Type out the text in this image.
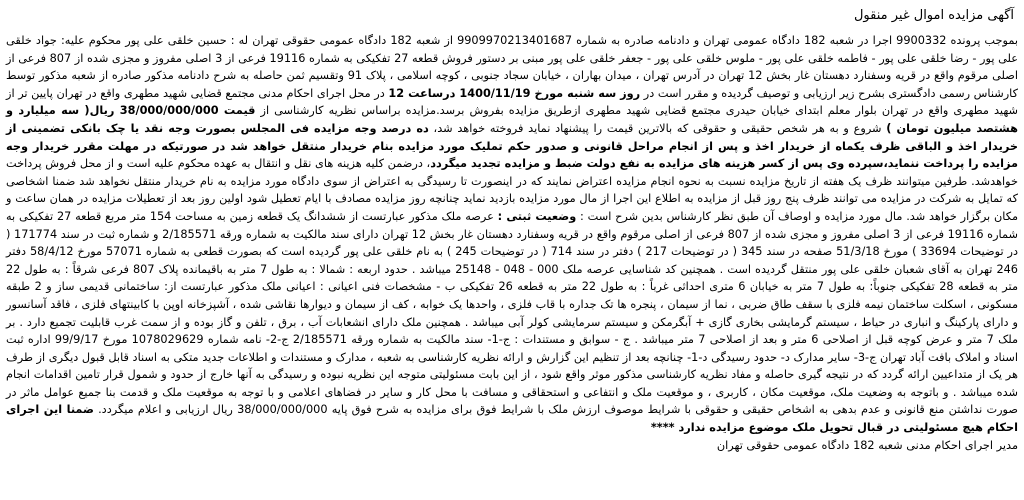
آگهی مزایده اموال غیر منقول

بموجب پرونده 9900332 اجرا در شعبه 182 دادگاه عمومی تهران و دادنامه صادره به شماره 9909970213401687 از شعبه 182 دادگاه عمومی حقوقی تهران له : حسین خلقی علی پور محکوم علیه: جواد خلقی علی پور - رضا خلقی علی پور - فاطمه خلقی علی پور - ملوس خلقی علی پور - جعفر خلقی علی پور مبنی بر دستور فروش قطعه 27 تفکیکی به شماره 19116 فرعی از 3 اصلی مفروز و مجزی شده از 807 فرعی از اصلی مرقوم واقع در قریه وسفنارد دهستان غار بخش 12 تهران در آدرس تهران ، میدان بهاران ، خیابان سجاد جنوبی ، کوچه اسلامی ، پلاک 91 وتقسیم ثمن حاصله به شرح دادنامه مذکور صادره از شعبه مذکور توسط کارشناس رسمی دادگستری بشرح زیر ارزیابی و توصیف گردیده و مقرر است در روز سه شنبه مورخ 1400/11/19 درساعت 12 در محل اجرای احکام مدنی مجتمع قضایی شهید مطهری واقع در تهران پایین تر از شهید مطهری واقع در تهران بلوار معلم ابتدای خیابان حیدری مجتمع قضایی شهید مطهری ازطریق مزایده بفروش برسد.مزایده براساس نظریه کارشناسی از قیمت 38/000/000/000 ریال( سه میلیارد و هشتصد میلیون تومان ) شروع و به هر شخص حقیقی و حقوقی که بالاترین قیمت را پیشنهاد نماید فروخته خواهد شد، ده درصد وجه مزایده فی المجلس بصورت وجه نقد یا چک بانکی تضمینی از خریدار اخذ و الباقی ظرف یکماه از خریدار اخذ و پس از انجام مراحل قانونی و صدور حکم تملیک مورد مزایده بنام خریدار منتقل خواهد شد در صورتیکه در مهلت مقرر خریدار وجه مزایده را پرداخت ننماید،سپرده وی پس از کسر هزینه های مزایده به نفع دولت ضبط و مزایده تجدید میگردد، درضمن کلیه هزینه های نقل و انتقال به عهده محکوم علیه است و از محل فروش پرداخت خواهدشد. طرفین میتوانند ظرف یک هفته از تاریخ مزایده نسبت به نحوه انجام مزایده اعتراض نمایند که در اینصورت تا رسیدگی به اعتراض از سوی دادگاه مورد مزایده به نام خریدار منتقل نخواهد شد ضمنا اشخاصی که تمایل به شرکت در مزایده می توانند ظرف پنج روز قبل از مزایده به اطلاع این اجرا از مال مورد مزایده بازدید نماید چنانچه روز مزایده مصادف با ایام تعطیل شود اولین روز بعد از تعطیلات مزایده در همان ساعت و مکان برگزار خواهد شد. مال مورد مزایده و اوصاف آن طبق نظر کارشناس بدین شرح است : وضعیت ثبتی : عرصه ملک مذکور عبارتست از ششدانگ یک قطعه زمین به مساحت 154 متر مربع قطعه 27 تفکیکی به شماره 19116 فرعی از 3 اصلی مفروز و مجزی شده از 807 فرعی از اصلی مرقوم واقع در قریه وسفنارد دهستان غار بخش 12 تهران دارای سند مالکیت به شماره ورقه 2/185571 و شماره ثبت در سند 171774 ( در توضیحات 33694 ) مورخ 51/3/18 صفحه در سند 345 ( در توضیحات 217 ) دفتر در سند 714 ( در توضیحات 245 ) به نام خلقی علی پور گردیده است که بصورت قطعی به شماره 57071 مورخ 58/4/12 دفتر 246 تهران به آقای شعبان خلقی علی پور منتقل گردیده است . همچنین کد شناسایی عرصه ملک 000 - 048 - 25148 میباشد . حدود اربعه : شمالا : به طول 7 متر به باقیمانده پلاک 807 فرعی شرقاً : به طول 22 متر به قطعه 28 تفکیکی جنوباً: به طول 7 متر به خیابان 6 متری احداثی غرباً : به طول 22 متر به قطعه 26 تفکیکی ب - مشخصات فنی اعیانی : اعیانی ملک مذکور عبارتست از: ساختمانی قدیمی ساز و 2 طبقه مسکونی ، اسکلت ساختمان نیمه فلزی با سقف طاق ضربی ، نما از سیمان ، پنجره ها تک جداره با قاب فلزی ، واحدها یک خوابه ، کف از سیمان و دیوارها نقاشی شده ، آشپزخانه اوپن با کابینتهای فلزی ، فاقد آسانسور و دارای پارکینگ و انباری در حیاط ، سیستم گرمایشی بخاری گازی + آبگرمکن و سیستم سرمایشی کولر آبی میباشد . همچنین ملک دارای انشعابات آب ، برق ، تلفن و گاز بوده و از سمت غرب قابلیت تجمیع دارد . بر ملک 7 متر و عرض کوچه قبل از اصلاحی 6 متر و بعد از اصلاحی 7 متر میباشد . ج - سوابق و مستندات : ج-1- سند مالکیت به شماره ورقه 2/185571 ج-2- نامه شماره 1078029629 مورخ 99/9/17 اداره ثبت اسناد و املاک بافت آباد تهران ج-3- سایر مدارک د- حدود رسیدگی د-1- چنانچه بعد از تنظیم این گزارش و ارائه نظریه کارشناسی به شعبه ، مدارک و مستندات و اطلاعات جدید متکی به اسناد قابل قبول دیگری از طرف هر یک از متداعیین ارائه گردد که در نتیجه گیری حاصله و مفاد نظریه کارشناسی مذکور موثر واقع شود ، از این بابت مسئولیتی متوجه این نظریه نبوده و رسیدگی به آنها خارج از حدود و شمول قرار تامین اقدامات انجام شده میباشد . و باتوجه به وضعیت ملک، موقعیت مکان ، کاربری ، و موقعیت ملک و انتفاعی و استحقاقی و مسافت با محل کار و سایر در فضاهای اعلامی و با توجه به موقعیت ملک و قدمت بنا جمیع عوامل ماثر در صورت نداشتن منع قانونی و عدم بدهی به اشخاص حقیقی و حقوقی با شرایط موصوف ارزش ملک با شرایط فوق برای مزایده به شرح فوق پایه 38/000/000/000 ریال ارزیابی و اعلام میگردد. ضمنا این اجرای احکام هیچ مسئولیتی در قبال تحویل ملک موضوع مزایده ندارد ****

مدیر اجرای احکام مدنی شعبه 182 دادگاه عمومی حقوقی تهران
